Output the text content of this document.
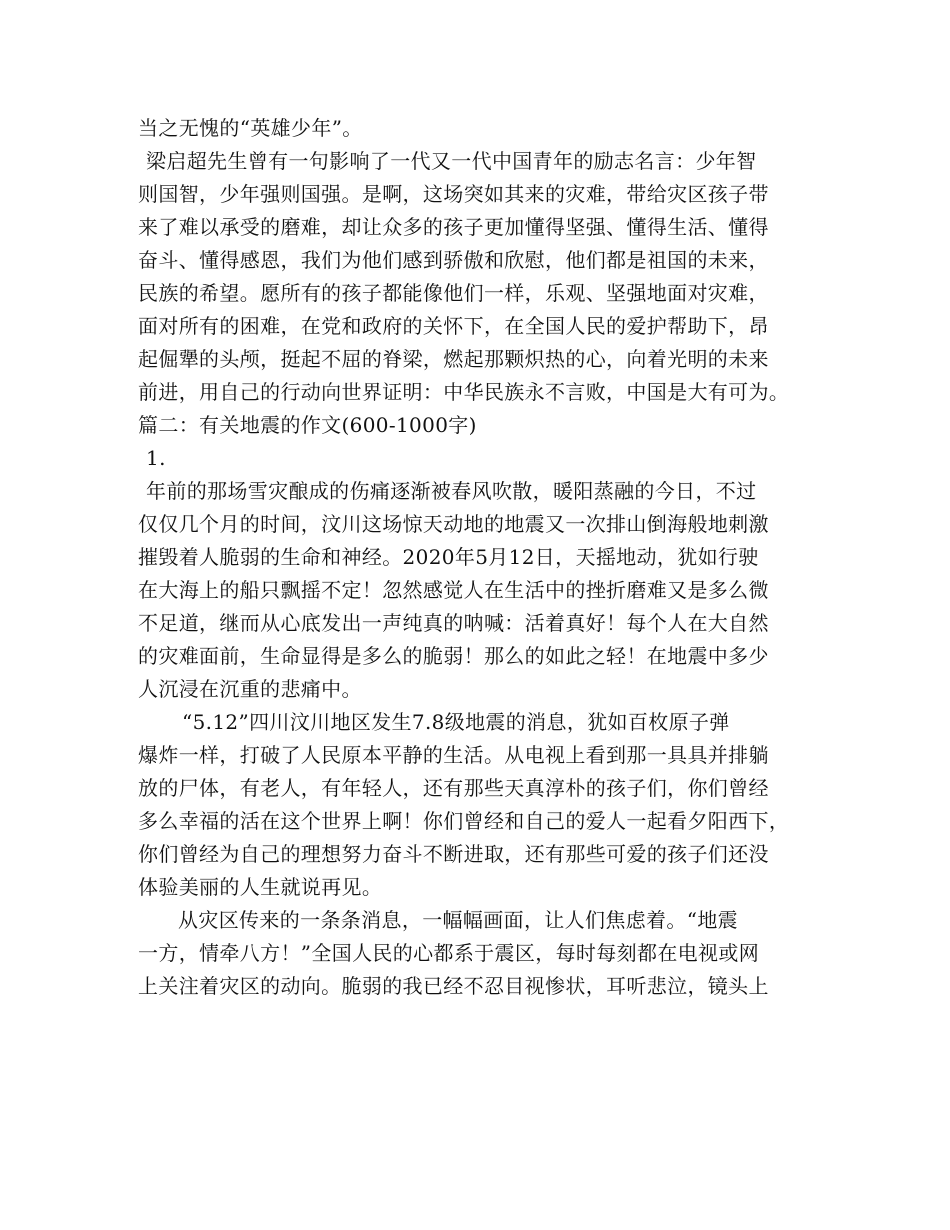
当之无愧的“英雄少年”。
梁启超先生曾有一句影响了一代又一代中国青年的励志名言：少年智
则国智，少年强则国强。是啊，这场突如其来的灾难，带给灾区孩子带
来了难以承受的磨难，却让众多的孩子更加懂得坚强、懂得生活、懂得
奋斗、懂得感恩，我们为他们感到骄傲和欣慰，他们都是祖国的未来，
民族的希望。愿所有的孩子都能像他们一样，乐观、坚强地面对灾难，
面对所有的困难，在党和政府的关怀下，在全国人民的爱护帮助下，昂
起倔犟的头颅，挺起不屈的脊梁，燃起那颗炽热的心，向着光明的未来
前进，用自己的行动向世界证明：中华民族永不言败，中国是大有可为。
篇二：有关地震的作文(600-1000字)
1.
年前的那场雪灾酿成的伤痛逐渐被春风吹散，暖阳蒸融的今日，不过
仅仅几个月的时间，汶川这场惊天动地的地震又一次排山倒海般地刺激
摧毁着人脆弱的生命和神经。2020年5月12日，天摇地动，犹如行驶
在大海上的船只飘摇不定！忽然感觉人在生活中的挫折磨难又是多么微
不足道，继而从心底发出一声纯真的呐喊：活着真好！每个人在大自然
的灾难面前，生命显得是多么的脆弱！那么的如此之轻！在地震中多少
人沉浸在沉重的悲痛中。
“5.12”四川汶川地区发生7.8级地震的消息，犹如百枚原子弹
爆炸一样，打破了人民原本平静的生活。从电视上看到那一具具并排躺
放的尸体，有老人，有年轻人，还有那些天真淳朴的孩子们，你们曾经
多么幸福的活在这个世界上啊！你们曾经和自己的爱人一起看夕阳西下，
你们曾经为自己的理想努力奋斗不断进取，还有那些可爱的孩子们还没
体验美丽的人生就说再见。
从灾区传来的一条条消息，一幅幅画面，让人们焦虑着。“地震
一方，情牵八方！”全国人民的心都系于震区，每时每刻都在电视或网
上关注着灾区的动向。脆弱的我已经不忍目视惨状，耳听悲泣，镜头上
